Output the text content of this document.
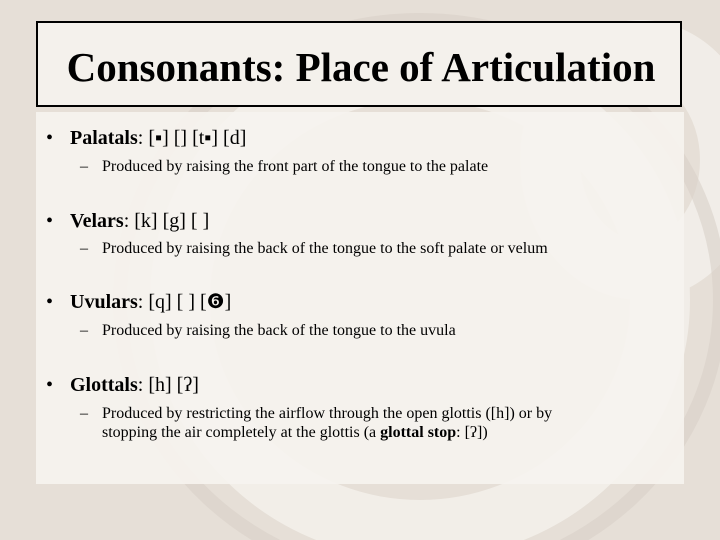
Consonants: Place of Articulation
• Palatals: [▪] [] [t▪] [d]
– Produced by raising the front part of the tongue to the palate
• Velars: [k] [g] [ ]
– Produced by raising the back of the tongue to the soft palate or velum
• Uvulars: [q] [ ] [❻]
– Produced by raising the back of the tongue to the uvula
• Glottals: [h] [ʔ]
– Produced by restricting the airflow through the open glottis ([h]) or by
stopping the air completely at the glottis (a glottal stop: [ʔ])
